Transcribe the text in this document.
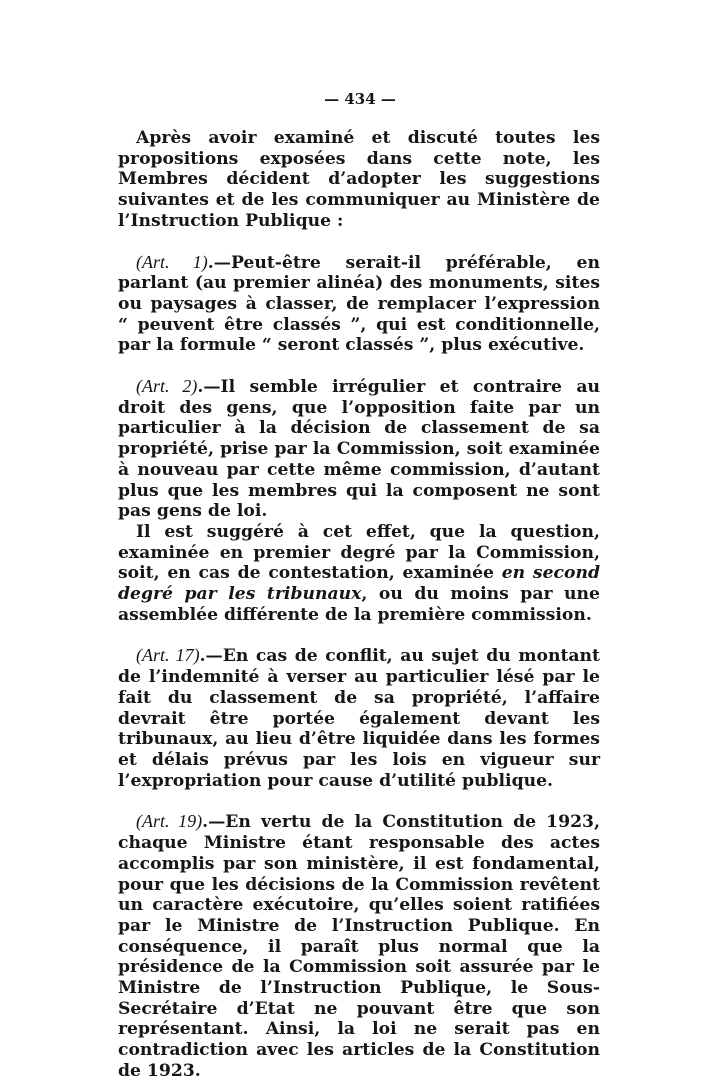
— 434 —

Après avoir examiné et discuté toutes les propositions exposées dans cette note, les Membres décident d’adopter les suggestions suivantes et de les communiquer au Ministère de l’Instruction Publique :

(Art. 1).—Peut-être serait-il préférable, en parlant (au premier alinéa) des monuments, sites ou paysages à classer, de remplacer l’expression “ peuvent être classés ”, qui est conditionnelle, par la formule “ seront classés ”, plus exécutive.

(Art. 2).—Il semble irrégulier et contraire au droit des gens, que l’opposition faite par un particulier à la décision de classement de sa propriété, prise par la Commission, soit examinée à nouveau par cette même commission, d’autant plus que les membres qui la composent ne sont pas gens de loi.

Il est suggéré à cet effet, que la question, examinée en premier degré par la Commission, soit, en cas de contestation, examinée en second degré par les tribunaux, ou du moins par une assemblée différente de la première commission.

(Art. 17).—En cas de conflit, au sujet du montant de l’indemnité à verser au particulier lésé par le fait du classement de sa propriété, l’affaire devrait être portée également devant les tribunaux, au lieu d’être liquidée dans les formes et délais prévus par les lois en vigueur sur l’expropriation pour cause d’utilité publique.

(Art. 19).—En vertu de la Constitution de 1923, chaque Ministre étant responsable des actes accomplis par son ministère, il est fondamental, pour que les décisions de la Commission revêtent un caractère exécutoire, qu’elles soient ratifiées par le Ministre de l’Instruction Publique. En conséquence, il paraît plus normal que la présidence de la Commission soit assurée par le Ministre de l’Instruction Publique, le Sous-Secrétaire d’Etat ne pouvant être que son représentant. Ainsi, la loi ne serait pas en contradiction avec les articles de la Constitution de 1923.
